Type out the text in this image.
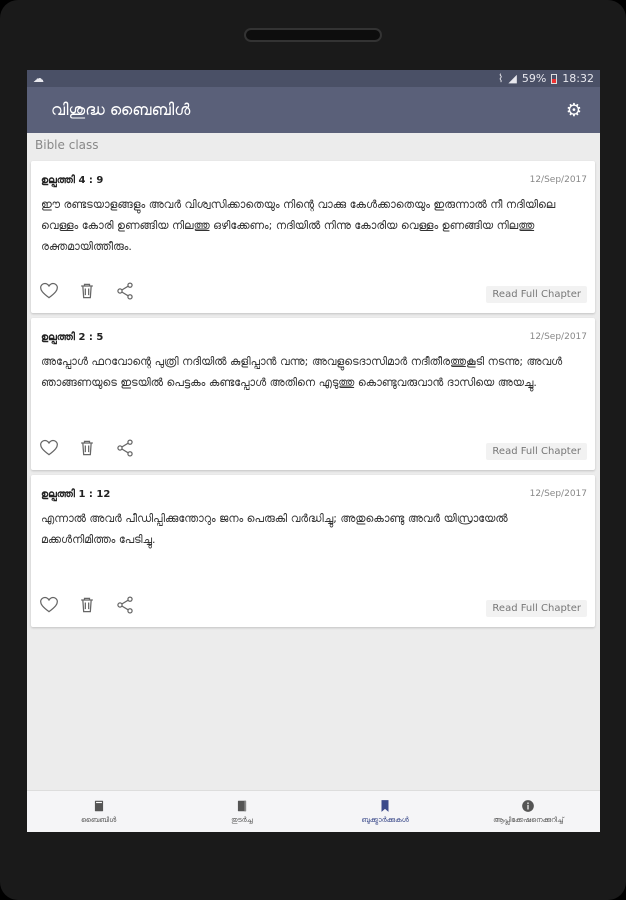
☁	⌇ ◢ 59% 18:32
വിശുദ്ധ ബൈബിൾ	⚙
Bible class
ഉല്പത്തി 4 : 9	12/Sep/2017

ഈ രണ്ടടയാളങ്ങളും അവർ വിശ്വസിക്കാതെയും നിന്റെ വാക്കു കേൾക്കാതെയും ഇരുന്നാൽ നീ നദിയിലെ വെള്ളം കോരി ഉണങ്ങിയ നിലത്തു ഒഴിക്കേണം; നദിയിൽ നിന്നു കോരിയ വെള്ളം ഉണങ്ങിയ നിലത്തു രക്തമായിത്തീരും.

Read Full Chapter
ഉല്പത്തി 2 : 5	12/Sep/2017

അപ്പോൾ ഫറവോന്റെ പുത്രി നദിയിൽ കുളിപ്പാൻ വന്നു; അവളുടെദാസിമാർ നദീതീരത്തുകൂടി നടന്നു; അവൾ ഞാങ്ങണയുടെ ഇടയിൽ പെട്ടകം കണ്ടപ്പോൾ അതിനെ എടുത്തു കൊണ്ടുവരുവാൻ ദാസിയെ അയച്ചു.

Read Full Chapter
ഉല്പത്തി 1 : 12	12/Sep/2017

എന്നാൽ അവർ പീഡിപ്പിക്കുന്തോറും ജനം പെരുകി വർദ്ധിച്ചു; അതുകൊണ്ടു അവർ യിസ്രായേൽ മക്കൾനിമിത്തം പേടിച്ചു.

Read Full Chapter
ബൈബിൾ	തുടർച്ച	ബുക്ക്മാർക്കുകൾ	ആപ്ലിക്കേഷനെക്കുറിച്ച്
